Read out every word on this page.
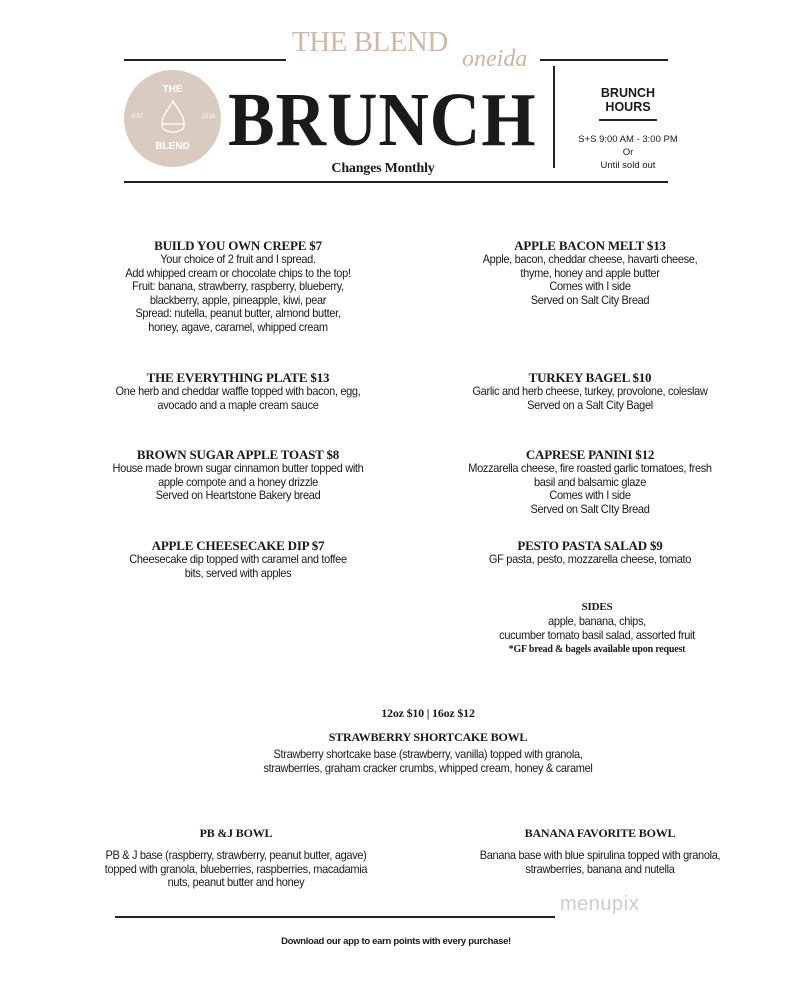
THE BLEND
oneida
THE
EST	2018
BLEND BRUNCH
Changes Monthly
BRUNCH
HOURS
S+S 9:00 AM - 3:00 PM
Or
Until sold out
BUILD YOU OWN CREPE $7
Your choice of 2 fruit and I spread.
Add whipped cream or chocolate chips to the top!
Fruit: banana, strawberry, raspberry, blueberry,
blackberry, apple, pineapple, kiwi, pear
Spread: nutella, peanut butter, almond butter,
honey, agave, caramel, whipped cream
THE EVERYTHING PLATE $13
One herb and cheddar waffle topped with bacon, egg,
avocado and a maple cream sauce
BROWN SUGAR APPLE TOAST $8
House made brown sugar cinnamon butter topped with
apple compote and a honey drizzle
Served on Heartstone Bakery bread
APPLE CHEESECAKE DIP $7
Cheesecake dip topped with caramel and toffee
bits, served with apples
APPLE BACON MELT $13
Apple, bacon, cheddar cheese, havarti cheese,
thyme, honey and apple butter
Comes with I side
Served on Salt City Bread
TURKEY BAGEL $10
Garlic and herb cheese, turkey, provolone, coleslaw
Served on a Salt City Bagel
CAPRESE PANINI $12
Mozzarella cheese, fire roasted garlic tomatoes, fresh
basil and balsamic glaze
Comes with I side
Served on Salt CIty Bread
PESTO PASTA SALAD $9
GF pasta, pesto, mozzarella cheese, tomato
SIDES
apple, banana, chips,
cucumber tomato basil salad, assorted fruit
*GF bread & bagels available upon request
12oz $10 | 16oz $12
STRAWBERRY SHORTCAKE BOWL
Strawberry shortcake base (strawberry, vanilla) topped with granola,
strawberries, graham cracker crumbs, whipped cream, honey & caramel
PB &J BOWL
PB & J base (raspberry, strawberry, peanut butter, agave)
topped with granola, blueberries, raspberries, macadamia
nuts, peanut butter and honey
BANANA FAVORITE BOWL
Banana base with blue spirulina topped with granola,
strawberries, banana and nutella
menupix
Download our app to earn points with every purchase!
